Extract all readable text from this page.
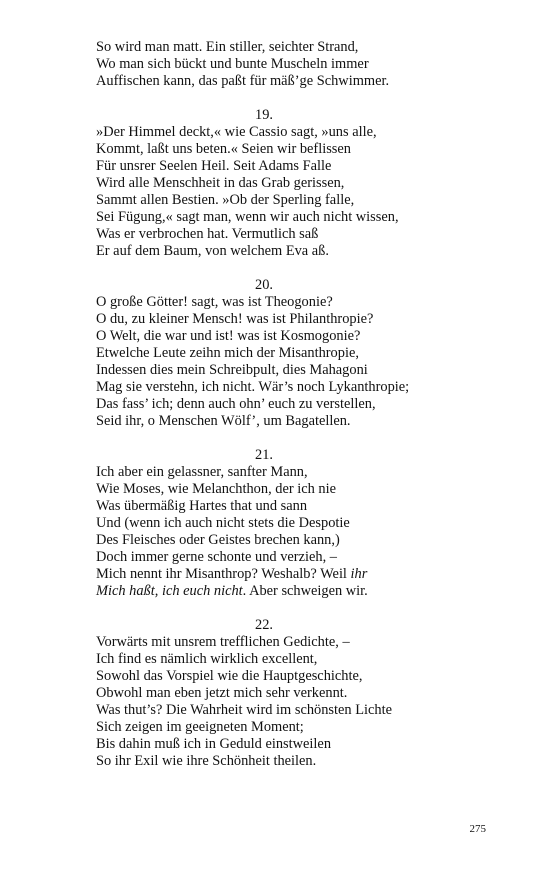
So wird man matt. Ein stiller, seichter Strand,
Wo man sich bückt und bunte Muscheln immer
Auffischen kann, das paßt für mäß’ge Schwimmer.
19.
»Der Himmel deckt,« wie Cassio sagt, »uns alle,
Kommt, laßt uns beten.« Seien wir beflissen
Für unsrer Seelen Heil. Seit Adams Falle
Wird alle Menschheit in das Grab gerissen,
Sammt allen Bestien. »Ob der Sperling falle,
Sei Fügung,« sagt man, wenn wir auch nicht wissen,
Was er verbrochen hat. Vermutlich saß
Er auf dem Baum, von welchem Eva aß.
20.
O große Götter! sagt, was ist Theogonie?
O du, zu kleiner Mensch! was ist Philanthropie?
O Welt, die war und ist! was ist Kosmogonie?
Etwelche Leute zeihn mich der Misanthropie,
Indessen dies mein Schreibpult, dies Mahagoni
Mag sie verstehn, ich nicht. Wär’s noch Lykanthropie;
Das fass’ ich; denn auch ohn’ euch zu verstellen,
Seid ihr, o Menschen Wölf’, um Bagatellen.
21.
Ich aber ein gelassner, sanfter Mann,
Wie Moses, wie Melanchthon, der ich nie
Was übermäßig Hartes that und sann
Und (wenn ich auch nicht stets die Despotie
Des Fleisches oder Geistes brechen kann,)
Doch immer gerne schonte und verzieh, –
Mich nennt ihr Misanthrop? Weshalb? Weil ihr
Mich haßt, ich euch nicht. Aber schweigen wir.
22.
Vorwärts mit unsrem trefflichen Gedichte, –
Ich find es nämlich wirklich excellent,
Sowohl das Vorspiel wie die Hauptgeschichte,
Obwohl man eben jetzt mich sehr verkennt.
Was thut’s? Die Wahrheit wird im schönsten Lichte
Sich zeigen im geeigneten Moment;
Bis dahin muß ich in Geduld einstweilen
So ihr Exil wie ihre Schönheit theilen.
275
